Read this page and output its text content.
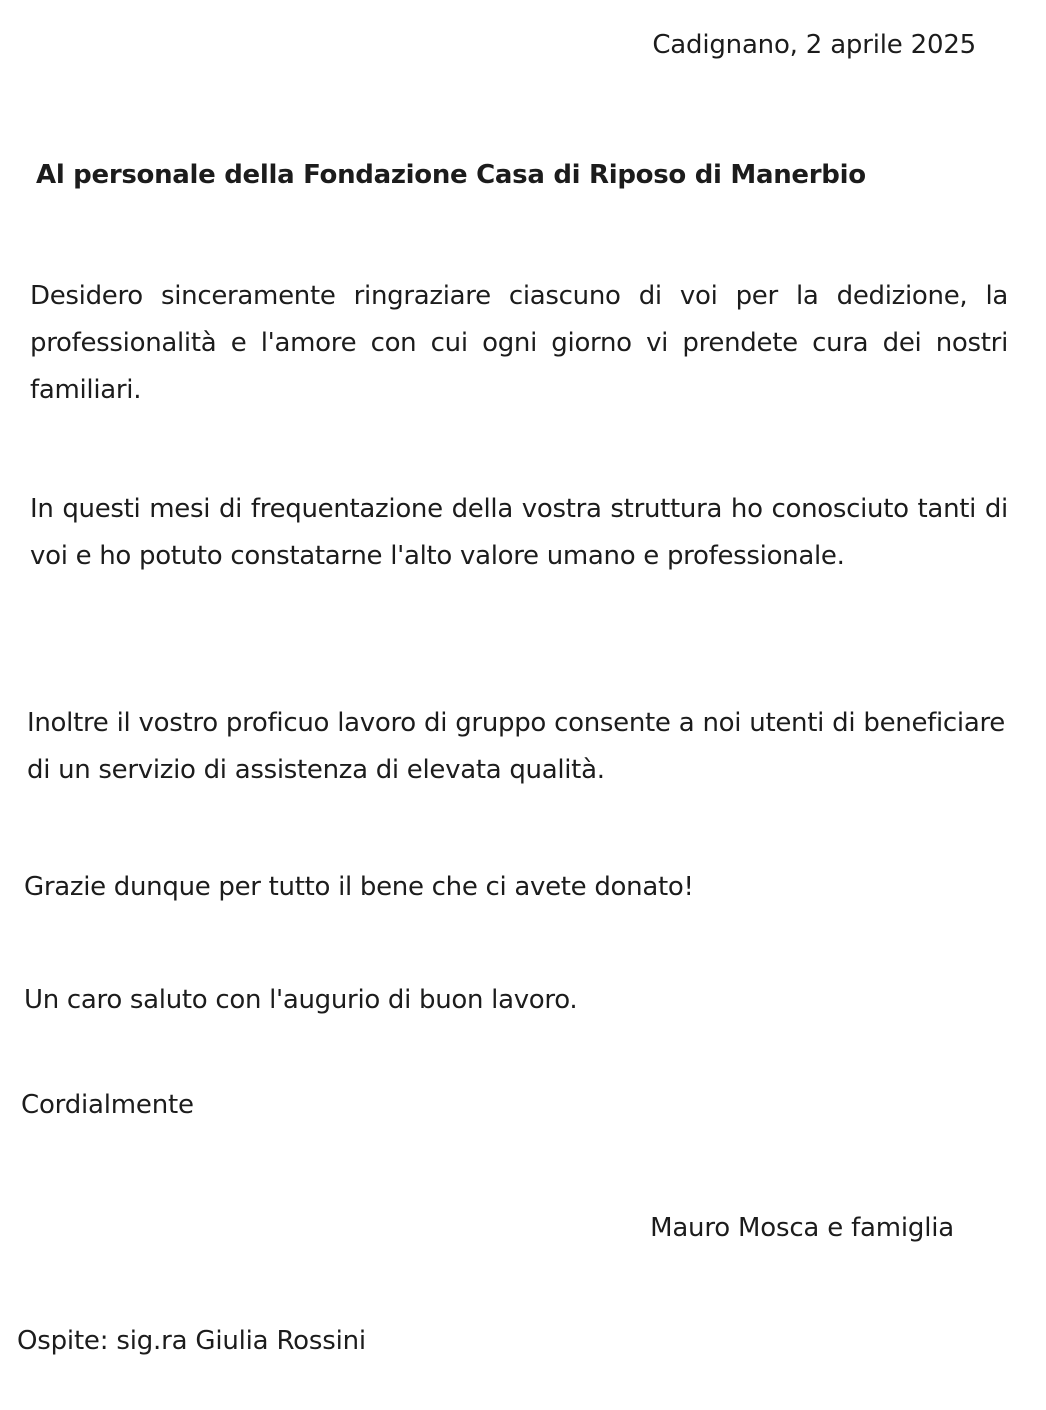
Cadignano, 2 aprile 2025
Al personale della Fondazione Casa di Riposo di Manerbio

Desidero sinceramente ringraziare ciascuno di voi per la dedizione, la professionalità e l'amore con cui ogni giorno vi prendete cura dei nostri familiari.

In questi mesi di frequentazione della vostra struttura ho conosciuto tanti di voi e ho potuto constatarne l'alto valore umano e professionale.

Inoltre il vostro proficuo lavoro di gruppo consente a noi utenti di beneficiare di un servizio di assistenza di elevata qualità.

Grazie dunque per tutto il bene che ci avete donato!

Un caro saluto con l'augurio di buon lavoro.

Cordialmente
Mauro Mosca e famiglia
Ospite: sig.ra Giulia Rossini
